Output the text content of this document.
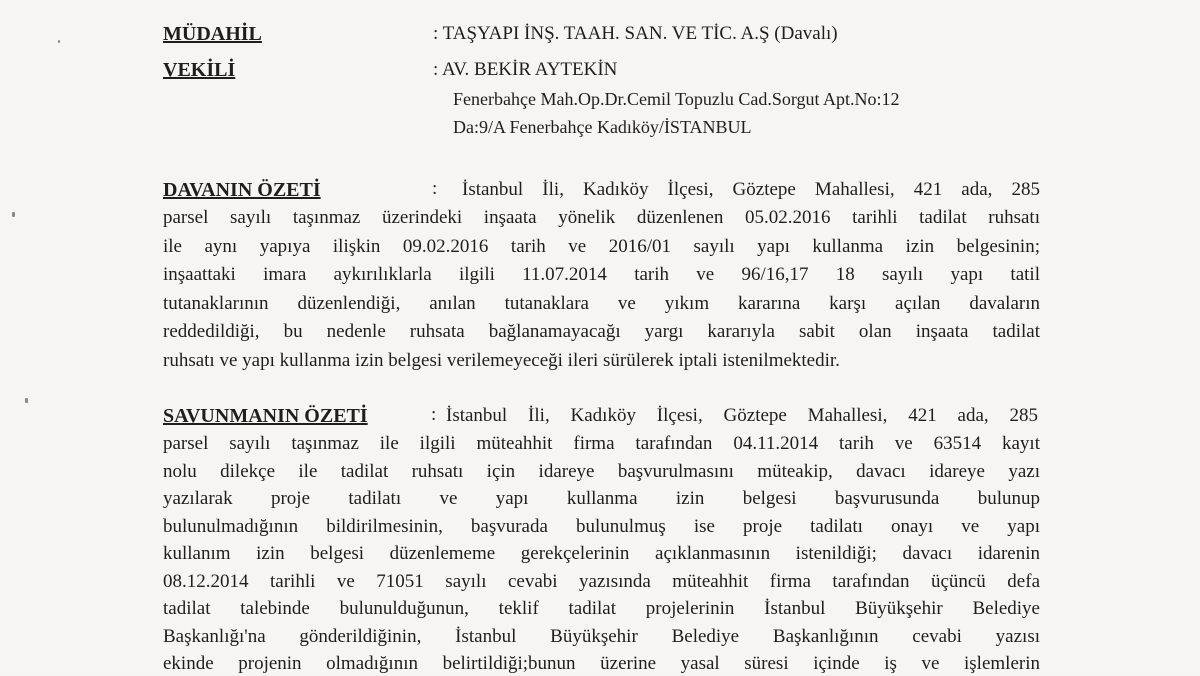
MÜDAHİL	: TAŞYAPI İNŞ. TAAH. SAN. VE TİC. A.Ş (Davalı)
VEKİLİ	: AV. BEKİR AYTEKİN
Fenerbahçe Mah.Op.Dr.Cemil Topuzlu Cad.Sorgut Apt.No:12
Da:9/A Fenerbahçe Kadıköy/İSTANBUL
DAVANIN ÖZETİ	: İstanbul İli, Kadıköy İlçesi, Göztepe Mahallesi, 421 ada, 285
parsel sayılı taşınmaz üzerindeki inşaata yönelik düzenlenen 05.02.2016 tarihli tadilat ruhsatı
ile aynı yapıya ilişkin 09.02.2016 tarih ve 2016/01 sayılı yapı kullanma izin belgesinin;
inşaattaki imara aykırılıklarla ilgili 11.07.2014 tarih ve 96/16,17 18 sayılı yapı tatil
tutanaklarının düzenlendiği, anılan tutanaklara ve yıkım kararına karşı açılan davaların
reddedildiği, bu nedenle ruhsata bağlanamayacağı yargı kararıyla sabit olan inşaata tadilat
ruhsatı ve yapı kullanma izin belgesi verilemeyeceği ileri sürülerek iptali istenilmektedir.
SAVUNMANIN ÖZETİ	: İstanbul İli, Kadıköy İlçesi, Göztepe Mahallesi, 421 ada, 285
parsel sayılı taşınmaz ile ilgili müteahhit firma tarafından 04.11.2014 tarih ve 63514 kayıt
nolu dilekçe ile tadilat ruhsatı için idareye başvurulmasını müteakip, davacı idareye yazı
yazılarak proje tadilatı ve yapı kullanma izin belgesi başvurusunda bulunup
bulunulmadığının bildirilmesinin, başvurada bulunulmuş ise proje tadilatı onayı ve yapı
kullanım izin belgesi düzenlememe gerekçelerinin açıklanmasının istenildiği; davacı idarenin
08.12.2014 tarihli ve 71051 sayılı cevabi yazısında müteahhit firma tarafından üçüncü defa
tadilat talebinde bulunulduğunun, teklif tadilat projelerinin İstanbul Büyükşehir Belediye
Başkanlığı'na gönderildiğinin, İstanbul Büyükşehir Belediye Başkanlığının cevabi yazısı
ekinde projenin olmadığının belirtildiği;bunun üzerine yasal süresi içinde iş ve işlemlerin
